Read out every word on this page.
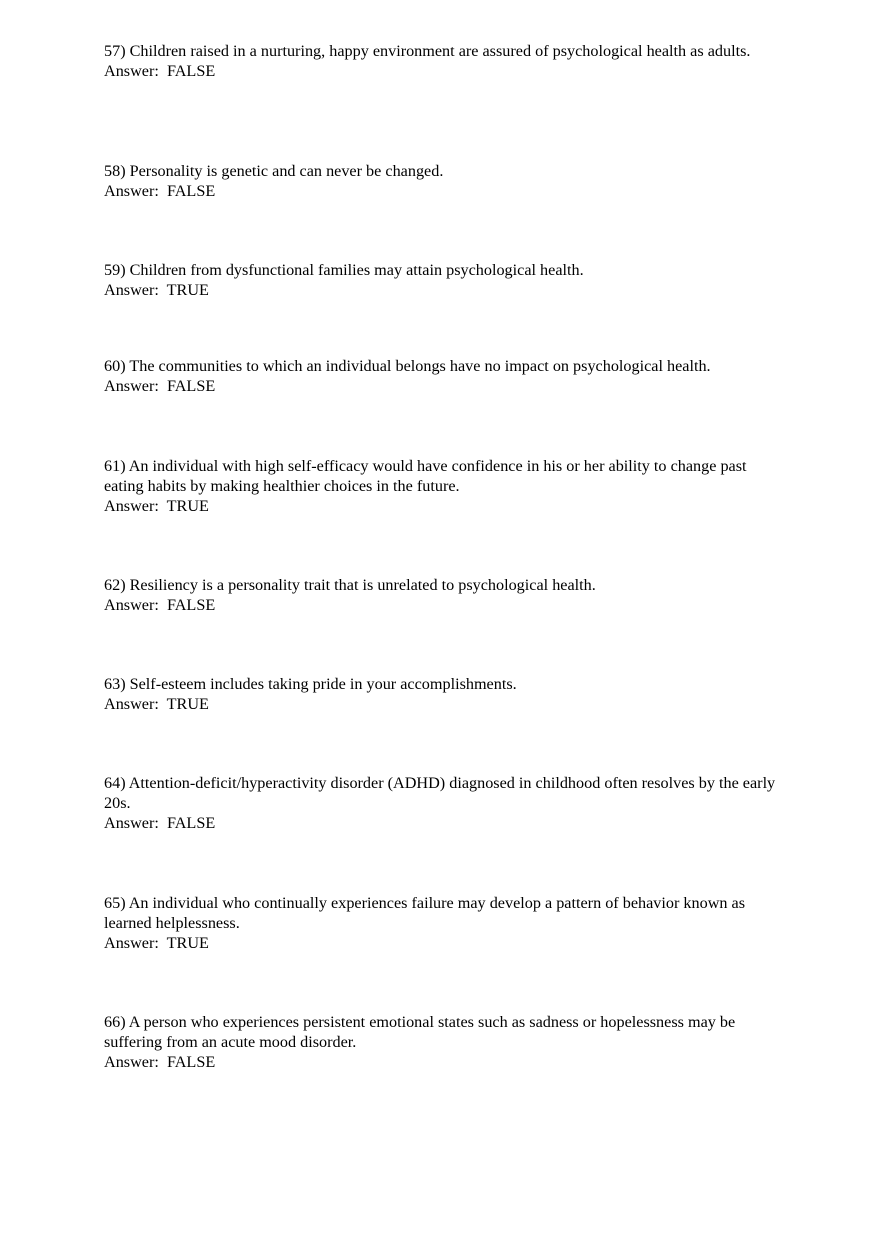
57) Children raised in a nurturing, happy environment are assured of psychological health as adults.

Answer:  FALSE

58) Personality is genetic and can never be changed.

Answer:  FALSE

59) Children from dysfunctional families may attain psychological health.

Answer:  TRUE

60) The communities to which an individual belongs have no impact on psychological health.

Answer:  FALSE

61) An individual with high self-efficacy would have confidence in his or her ability to change past eating habits by making healthier choices in the future.

Answer:  TRUE

62) Resiliency is a personality trait that is unrelated to psychological health.

Answer:  FALSE

63) Self-esteem includes taking pride in your accomplishments.

Answer:  TRUE

64) Attention-deficit/hyperactivity disorder (ADHD) diagnosed in childhood often resolves by the early 20s.

Answer:  FALSE

65) An individual who continually experiences failure may develop a pattern of behavior known as learned helplessness.

Answer:  TRUE

66) A person who experiences persistent emotional states such as sadness or hopelessness may be suffering from an acute mood disorder.

Answer:  FALSE
